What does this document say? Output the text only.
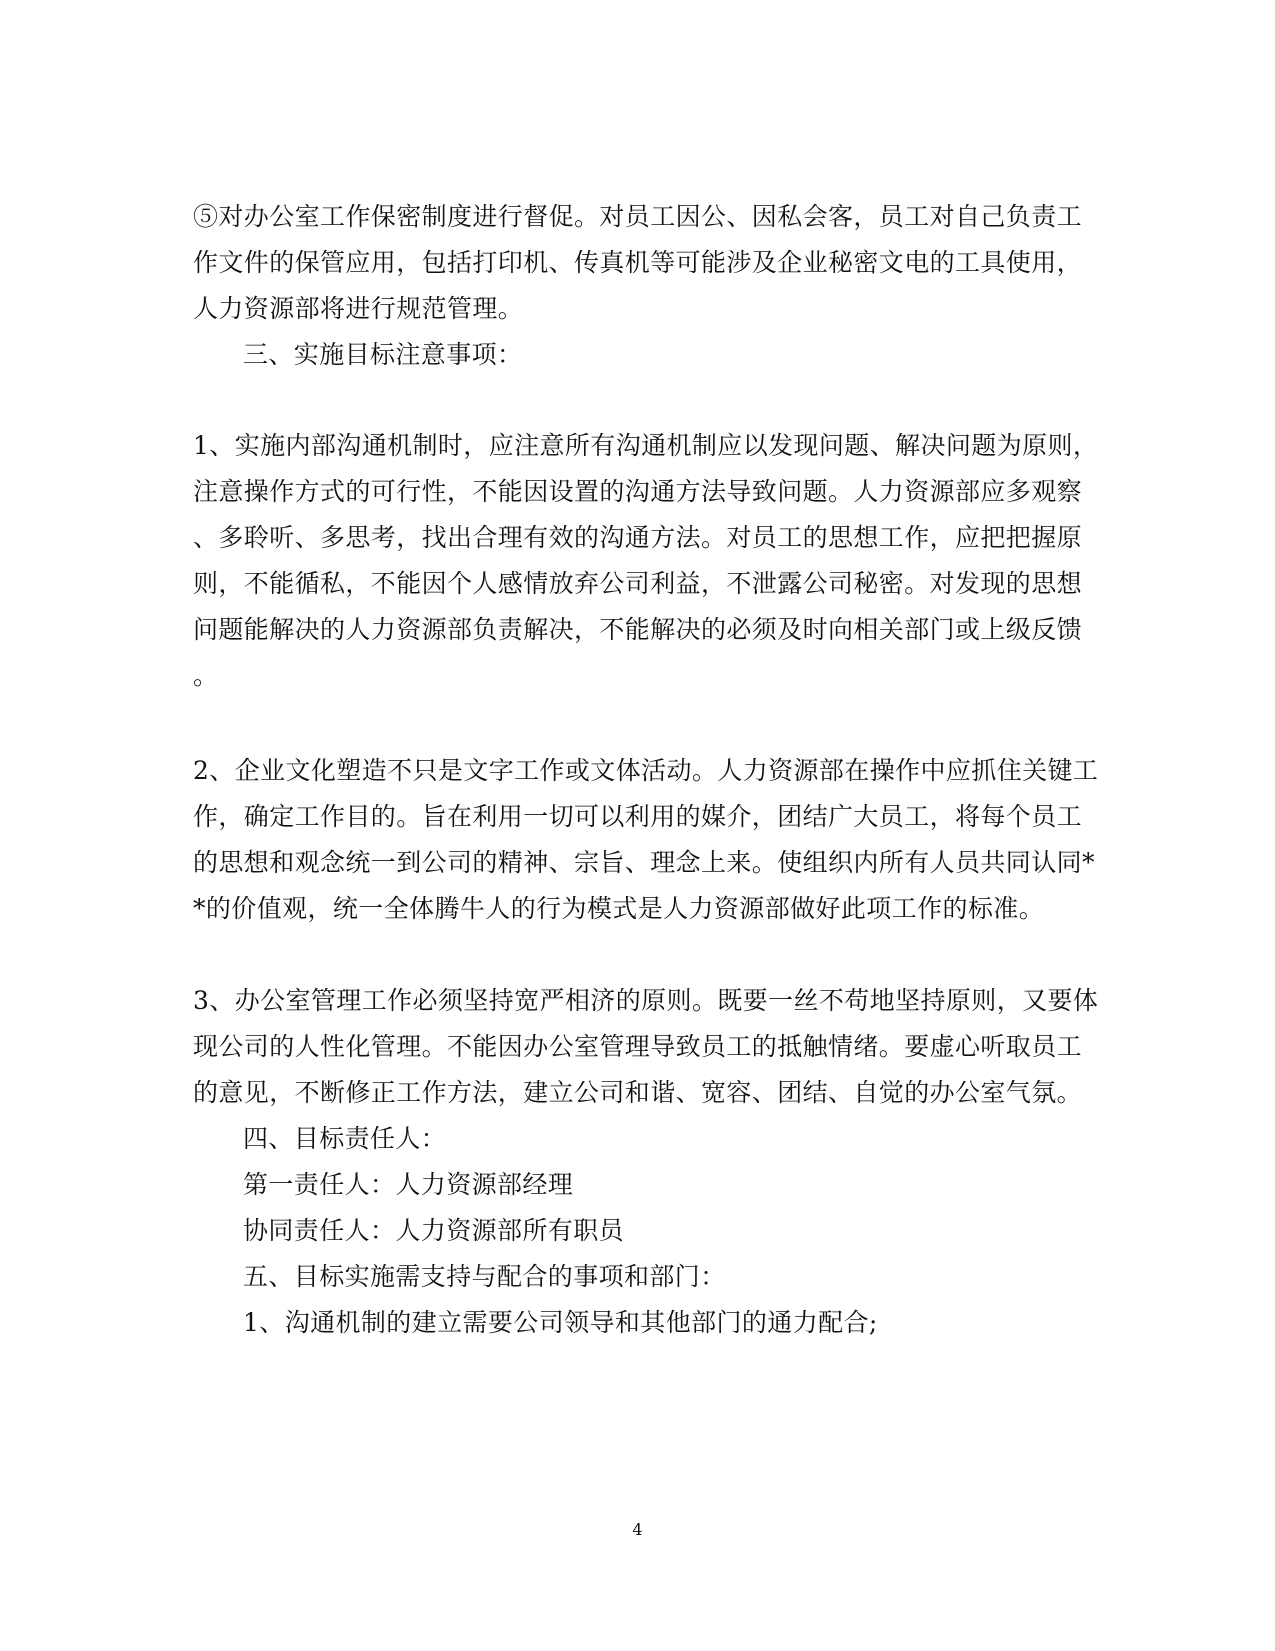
⑤对办公室工作保密制度进行督促。对员工因公、因私会客，员工对自己负责工
作文件的保管应用，包括打印机、传真机等可能涉及企业秘密文电的工具使用，
人力资源部将进行规范管理。
三、实施目标注意事项：
1、实施内部沟通机制时，应注意所有沟通机制应以发现问题、解决问题为原则，
注意操作方式的可行性，不能因设置的沟通方法导致问题。人力资源部应多观察
、多聆听、多思考，找出合理有效的沟通方法。对员工的思想工作，应把把握原
则，不能循私，不能因个人感情放弃公司利益，不泄露公司秘密。对发现的思想
问题能解决的人力资源部负责解决，不能解决的必须及时向相关部门或上级反馈
。
2、企业文化塑造不只是文字工作或文体活动。人力资源部在操作中应抓住关键工
作，确定工作目的。旨在利用一切可以利用的媒介，团结广大员工，将每个员工
的思想和观念统一到公司的精神、宗旨、理念上来。使组织内所有人员共同认同*
*的价值观，统一全体腾牛人的行为模式是人力资源部做好此项工作的标准。
3、办公室管理工作必须坚持宽严相济的原则。既要一丝不苟地坚持原则，又要体
现公司的人性化管理。不能因办公室管理导致员工的抵触情绪。要虚心听取员工
的意见，不断修正工作方法，建立公司和谐、宽容、团结、自觉的办公室气氛。
四、目标责任人：
第一责任人：人力资源部经理
协同责任人：人力资源部所有职员
五、目标实施需支持与配合的事项和部门：
1、沟通机制的建立需要公司领导和其他部门的通力配合;
4
